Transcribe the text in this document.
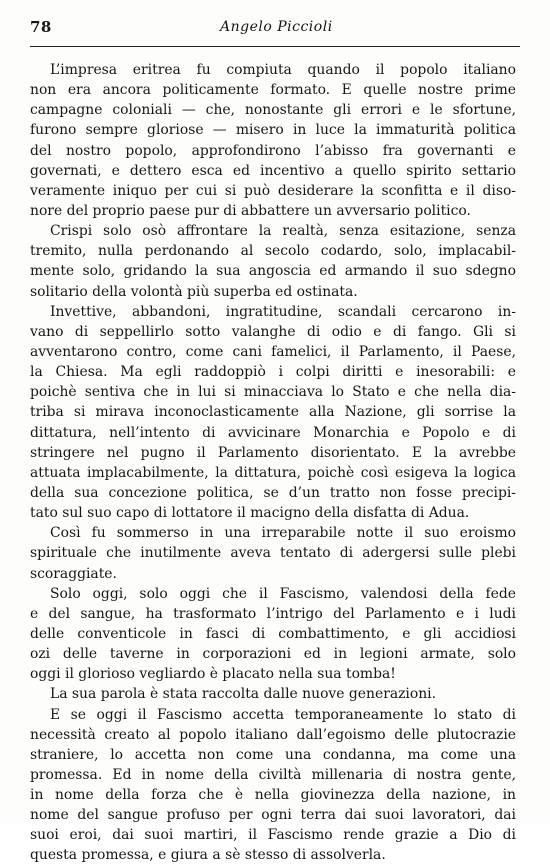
78	Angelo Piccioli
L’impresa eritrea fu compiuta quando il popolo italiano
non era ancora politicamente formato. E quelle nostre prime
campagne coloniali — che, nonostante gli errori e le sfortune,
furono sempre gloriose — misero in luce la immaturità politica
del nostro popolo, approfondirono l’abisso fra governanti e
governati, e dettero esca ed incentivo a quello spirito settario
veramente iniquo per cui si può desiderare la sconfitta e il diso-
nore del proprio paese pur di abbattere un avversario politico.
Crispi solo osò affrontare la realtà, senza esitazione, senza
tremito, nulla perdonando al secolo codardo, solo, implacabil-
mente solo, gridando la sua angoscia ed armando il suo sdegno
solitario della volontà più superba ed ostinata.
Invettive, abbandoni, ingratitudine, scandali cercarono in-
vano di seppellirlo sotto valanghe di odio e di fango. Gli si
avventarono contro, come cani famelici, il Parlamento, il Paese,
la Chiesa. Ma egli raddoppiò i colpi diritti e inesorabili: e
poichè sentiva che in lui si minacciava lo Stato e che nella dia-
triba si mirava inconoclasticamente alla Nazione, gli sorrise la
dittatura, nell’intento di avvicinare Monarchia e Popolo e di
stringere nel pugno il Parlamento disorientato. E la avrebbe
attuata implacabilmente, la dittatura, poichè così esigeva la logica
della sua concezione politica, se d’un tratto non fosse precipi-
tato sul suo capo di lottatore il macigno della disfatta di Adua.
Così fu sommerso in una irreparabile notte il suo eroismo
spirituale che inutilmente aveva tentato di adergersi sulle plebi
scoraggiate.
Solo oggi, solo oggi che il Fascismo, valendosi della fede
e del sangue, ha trasformato l’intrigo del Parlamento e i ludi
delle conventicole in fasci di combattimento, e gli accidiosi
ozi delle taverne in corporazioni ed in legioni armate, solo
oggi il glorioso vegliardo è placato nella sua tomba!
La sua parola è stata raccolta dalle nuove generazioni.
E se oggi il Fascismo accetta temporaneamente lo stato di
necessità creato al popolo italiano dall’egoismo delle plutocrazie
straniere, lo accetta non come una condanna, ma come una
promessa. Ed in nome della civiltà millenaria di nostra gente,
in nome della forza che è nella giovinezza della nazione, in
nome del sangue profuso per ogni terra dai suoi lavoratori, dai
suoi eroi, dai suoi martiri, il Fascismo rende grazie a Dio di
questa promessa, e giura a sè stesso di assolverla.
